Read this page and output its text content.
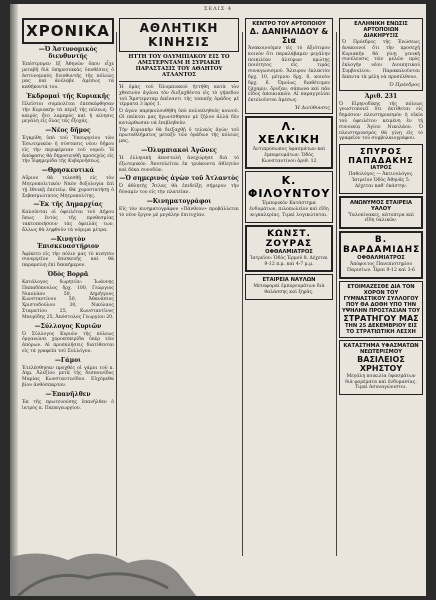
ΣΕΛΙΣ 4
ΧΡΟΝΙΚΑ
—Ὁ Ἀστυνομικὸς διευθυντής
Ἐπέστρεψεν ἐξ Ἀθηνῶν ὅπου εἶχε μεταβῆ διὰ ὑπηρεσιακὰς ὑποθέσεις ὁ ἀστυνομικὸς διευθυντὴς τῆς πόλεώς μας καὶ ἀνέλαβε ἀμέσως τὰ καθήκοντά του.
Ἐκδρομαὶ τῆς Κυριακῆς
Πλεῖστοι συμπολῖται ἐπεσκέφθησαν τὴν Κυριακὴν τὰ πέριξ τῆς πόλεως. Ὁ καιρὸς ἦτο λαμπρὸς καὶ ἡ κίνησις μεγάλη εἰς ὅλας τὰς ἐξοχάς.
—Νέος δῆμος
Ἐγκρίθη ὑπὸ τοῦ Ὑπουργείου τῶν Ἐσωτερικῶν ἡ σύστασις νέου δήμου εἰς τὴν περιφέρειαν τοῦ νομοῦ. Ἡ ἀπόφασις θὰ δημοσιευθῇ προσεχῶς εἰς τὴν Ἐφημερίδα τῆς Κυβερνήσεως.
—Θρησκευτικά
Αὔριον θὰ τελεσθῇ εἰς τὸν Μητροπολιτικὸν Ναὸν δοξολογία ἐπὶ τῇ ἐθνικῇ ἐπετείῳ. Θὰ χοροστατήσῃ ὁ Σεβασμιώτατος Μητροπολίτης.
—Ἐκ τῆς Δημαρχίας
Καλοῦνται οἱ ὀφειλέται τοῦ Δήμου ὅπως ἐντὸς τῆς προθεσμίας τακτοποιήσουν τὰς ὀφειλάς των, ἄλλως θὰ ληφθοῦν τὰ νόμιμα μέτρα.
—Κινητὸν Ἐπισκευαστήριον
Ἀφίκετο εἰς τὴν πόλιν μας τὸ κινητὸν συνεργεῖον ἐπισκευῆς καὶ θὰ παραμείνῃ ἐπὶ δεκαήμερον.
Ὁδὸς Βορρᾶ
Κατάλογος δωρητῶν: Ἰωάννης Παπαδόπουλος δρχ. 100, Γεώργιος Νικολάου 50, Δημήτριος Κωνσταντίνου 50, Ἀθανάσιος Χριστοδούλου 30, Νικόλαος Σταματίου 25, Κωνσταντῖνος Μαυρίδης 25, Ἀπόστολος Γεωργίου 20.
—Σύλλογος Κυριῶν
Ὁ Σύλλογος Κυριῶν τῆς πόλεως ὀργανώνει χοροεσπερίδα ὑπὲρ τῶν ἀπόρων. Αἱ προσκλήσεις διατίθενται εἰς τὰ γραφεῖα τοῦ Συλλόγου.
—Γάμοι
Ἐτελέσθησαν προχθὲς οἱ γάμοι τοῦ κ. Δημ. Ἀλεξίου μετὰ τῆς δεσποινίδος Μαρίας Κωνσταντινίδου. Εὐχόμεθα βίον ἀνθόσπαρτον.
—Ἐπανῆλθεν
Ἐκ τῆς πρωτευούσης ἐπανῆλθεν ὁ ἰατρὸς κ. Παπαγεωργίου.
ΑΘΛΗΤΙΚΗ ΚΙΝΗΣΙΣ
ΗΤΤΗ ΤΟΥ ΟΛΥΜΠΙΑΚΟΥ ΕΙΣ ΤΟ ΑΜΣΤΕΡΝΤΑΜ Η ΣΥΡΙΑΚΗ ΠΑΡΑΣΤΑΣΙΣ ΤΟΥ ΑΘΛΗΤΟΥ ΑΤΛΑΝΤΟΣ
Ἡ ὁμὰς τοῦ Ὀλυμπιακοῦ ἡττήθη κατὰ τὸν χθεσινὸν ἀγῶνα τὸν διεξαχθέντα εἰς τὸ γήπεδον τοῦ Ἄμστερνταμ ἀπέναντι τῆς τοπικῆς ὁμάδος μὲ τέρματα 3 πρὸς 1.
Ὁ ἀγὼν παρηκολουθήθη ὑπὸ πολυπληθοῦς κοινοῦ. Οἱ παῖκται μας ἠγωνίσθησαν μὲ ζῆλον ἀλλὰ δὲν κατώρθωσαν νὰ ἐπιβληθοῦν.
Τὴν Κυριακὴν θὰ διεξαχθῇ ὁ τελικὸς ἀγὼν τοῦ πρωταθλήματος μεταξὺ τῶν ὁμάδων τῆς πόλεώς μας.
—Ὁλυμπιακοὶ Ἀγῶνες
Ἡ ἑλληνικὴ ἀποστολὴ ἀνεχώρησε διὰ τὸ ἐξωτερικόν. Ἀποτελεῖται ἐκ τριάκοντα ἀθλητῶν καὶ δέκα συνοδῶν.
—Ὁ σημερινὸς ἀγὼν τοῦ Ἀτλαντὸς
Ὁ ἀθλητὴς Ἄτλας θὰ ἐπιδείξῃ σήμερον τὴν δύναμίν του εἰς τὴν πλατεῖαν.
—Κινηματογράφοι
Εἰς τὸν κινηματογράφον «Πάνθεον» προβάλλεται τὸ νέον ἔργον μὲ μεγάλην ἐπιτυχίαν.
ΚΕΝΤΡΟ ΤΟΥ ΑΡΤΟΠΟΙΟΥ
Δ. ΔΑΝΙΗΛΙΔΟΥ & Σια
Ἀνακοινοῦμεν εἰς τὸ ἀξιότιμον κοινὸν ὅτι παραλάβαμεν μεγάλην ποικιλίαν ἀλεύρων πρώτης ποιότητος εἰς τιμὰς συναγωνισμοῦ. Ἄλευρον ἐκλεκτὸν δρχ. 10, μέτριον δρχ. 8, κοινὸν δρχ. 6. Ὁμοίως διαθέτομεν ζάχαριν, ὄρυζαν, σάπωνα καὶ πᾶν εἶδος ἀποικιακῶν. Αἱ παραγγελίαι ἐκτελοῦνται ἀμέσως.
Ἡ Διεύθυνσις
Λ. ΧΕΛΚΙΚΗ
Ἀντιπρόσωπος ὑφασμάτων καὶ ἐμπορευμάτων. Ὁδὸς Κωνσταντίνου ἀριθ. 12
Κ. ΦΙΛΟΥΝΤΟΥ
Ἐμπορικὸν Κατάστημα ἐνδυμάτων, πιλοπωλεῖον καὶ εἴδη κιγκαλερίας. Τιμαὶ λογικώταται.
ΚΩΝΣΤ. ΖΟΥΡΑΣ
ΟΦΘΑΛΜΙΑΤΡΟΣ
Ἰατρεῖον: Ὁδὸς Ἑρμοῦ 8. Δέχεται 9-12 π.μ. καὶ 4-7 μ.μ.
ΕΤΑΙΡΕΙΑ ΝΑΥΛΩΝ
Μεταφοραὶ ἐμπορευμάτων διὰ θαλάσσης καὶ ξηρᾶς.
ΕΛΛΗΝΙΚΗ ΕΝΩΣΙΣ ΑΡΤΟΠΟΙΩΝ
ΔΙΑΚΗΡΥΞΙΣ
Ὁ Πρόεδρος τῆς Ἑνώσεως ἀνακοινοῖ ὅτι τὴν προσεχῆ Κυριακὴν θὰ γίνῃ γενικὴ συνέλευσις τῶν μελῶν πρὸς ἐκλογὴν νέου Διοικητικοῦ Συμβουλίου. Παρακαλοῦνται ἅπαντα τὰ μέλη νὰ προσέλθουν.
Ὁ Πρόεδρος
Ἀριθ. 231
Ὁ Εἰρηνοδίκης τῆς πόλεως γνωστοποιεῖ ὅτι ἐκτίθεται εἰς δημόσιον πλειστηριασμὸν ἡ οἰκία τοῦ ὀφειλέτου κειμένη ἐν τῇ συνοικίᾳ Ἁγίου Νικολάου. Ὁ πλειστηριασμὸς θὰ γίνῃ εἰς τὸ γραφεῖον τοῦ συμβολαιογράφου.
ΣΠΥΡΟΣ ΠΑΠΑΔΑΚΗΣ
ΙΑΤΡΟΣ
Παθολόγος — Ἀκτινολόγος. Ἰατρεῖον Ὁδὸς Ἀθηνᾶς 5. Δέχεται καθ' ἑκάστην.
ΑΝΩΝΥΜΟΣ ΕΤΑΙΡΕΙΑ ΥΑΛΟΥ
Ὑαλοπίνακες, κάτοπτρα καὶ εἴδη ὑαλικῶν.
Β. ΒΑΡΔΑΜΙΔΗΣ
ΟΦΘΑΛΜΙΑΤΡΟΣ
Ἀπόφοιτος Πανεπιστημίου Παρισίων. Ὧραι 9-12 καὶ 3-6
ΕΤΟΙΜΑΖΕΣΘΕ ΔΙΑ ΤΟΝ ΧΟΡΟΝ ΤΟΥ ΓΥΜΝΑΣΤΙΚΟΥ ΣΥΛΛΟΓΟΥ ΠΟΥ ΘΑ ΔΟΘΗ ΥΠΟ ΤΗΝ ΥΨΗΛΗΝ ΠΡΟΣΤΑΣΙΑΝ ΤΟΥ
ΣΤΡΑΤΗΓΟΥ ΜΑΣ
ΤΗΝ 25 ΔΕΚΕΜΒΡΙΟΥ ΕΙΣ ΤΟ ΣΤΡΑΤΙΩΤΙΚΗ ΛΕΣΧΗ
ΚΑΤΑΣΤΗΜΑ ΥΦΑΣΜΑΤΩΝ ΝΕΩΤΕΡΙΣΜΟΥ
ΒΑΣΙΛΕΙΟΣ ΧΡΗΣΤΟΥ
Μεγάλη ποικιλία ὑφασμάτων διὰ φορέματα καὶ ἐνδυμασίας. Τιμαὶ ἀσυναγώνιστοι.
